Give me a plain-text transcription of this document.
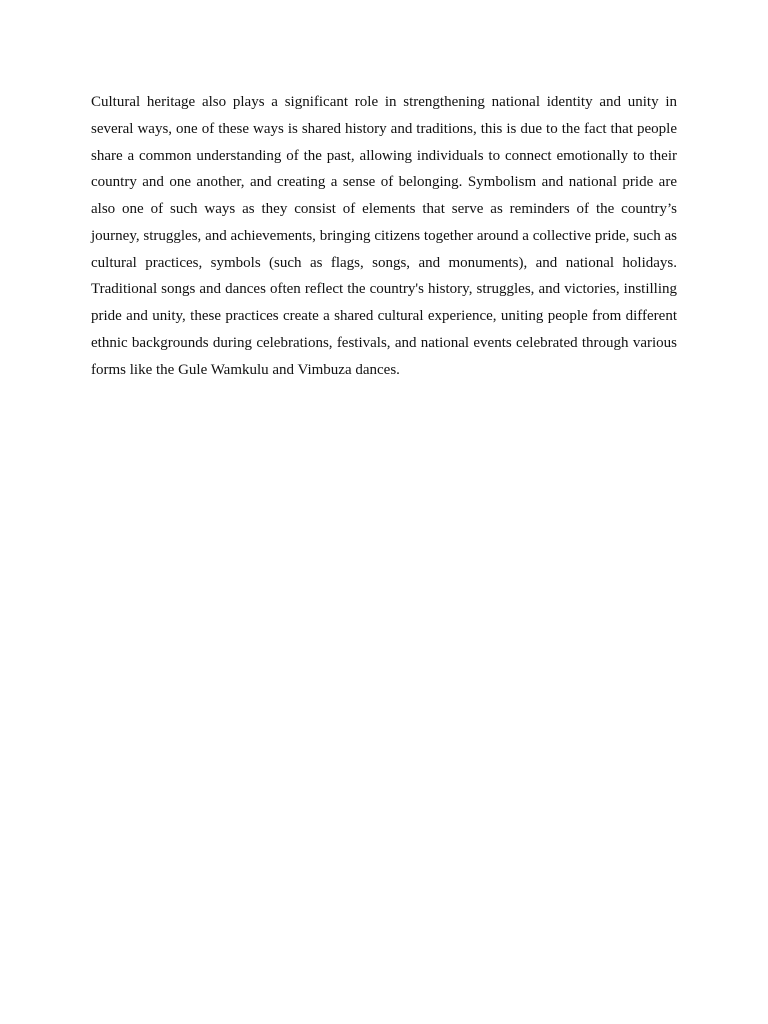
Cultural heritage also plays a significant role in strengthening national identity and unity in several ways, one of these ways is shared history and traditions, this is due to the fact that people share a common understanding of the past, allowing individuals to connect emotionally to their country and one another, and creating a sense of belonging. Symbolism and national pride are also one of such ways as they consist of elements that serve as reminders of the country’s journey, struggles, and achievements, bringing citizens together around a collective pride, such as cultural practices, symbols (such as flags, songs, and monuments), and national holidays. Traditional songs and dances often reflect the country's history, struggles, and victories, instilling pride and unity, these practices create a shared cultural experience, uniting people from different ethnic backgrounds during celebrations, festivals, and national events celebrated through various forms like the Gule Wamkulu and Vimbuza dances.
